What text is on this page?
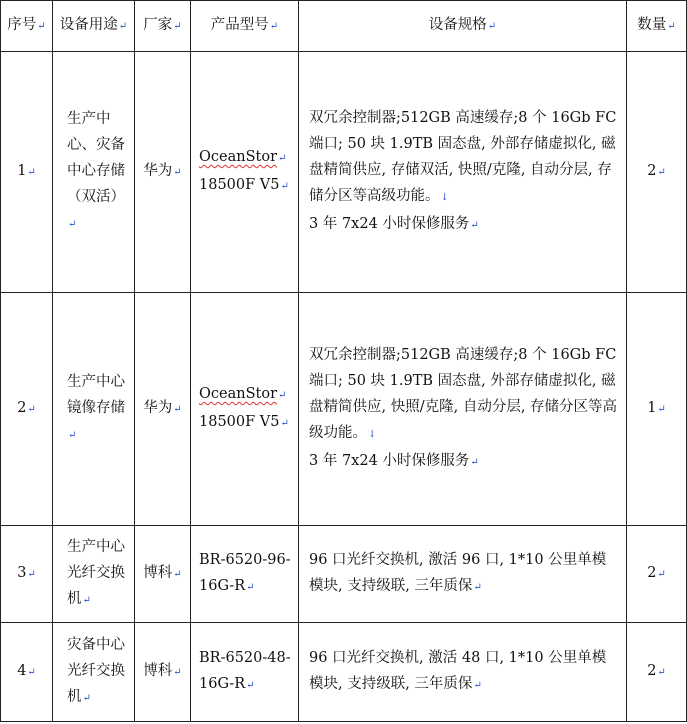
序号↵	设备用途↵	厂家↵	产品型号↵	设备规格↵	数量↵
1↵	生产中心、灾备中心存储（双活）↵	华为↵	OceanStor↵
18500F V5↵	双冗余控制器;512GB 高速缓存;8 个 16Gb FC 端口; 50 块 1.9TB 固态盘, 外部存储虚拟化, 磁盘精简供应, 存储双活, 快照/克隆, 自动分层, 存储分区等高级功能。↓
3 年 7x24 小时保修服务↵	2↵
2↵	生产中心镜像存储↵	华为↵	OceanStor↵
18500F V5↵	双冗余控制器;512GB 高速缓存;8 个 16Gb FC 端口; 50 块 1.9TB 固态盘, 外部存储虚拟化, 磁盘精简供应, 快照/克隆, 自动分层, 存储分区等高级功能。↓
3 年 7x24 小时保修服务↵	1↵
3↵	生产中心光纤交换机↵	博科↵	BR-6520-96-16G-R↵	96 口光纤交换机, 激活 96 口, 1*10 公里单模模块, 支持级联, 三年质保↵	2↵
4↵	灾备中心光纤交换机↵	博科↵	BR-6520-48-16G-R↵	96 口光纤交换机, 激活 48 口, 1*10 公里单模模块, 支持级联, 三年质保↵	2↵
